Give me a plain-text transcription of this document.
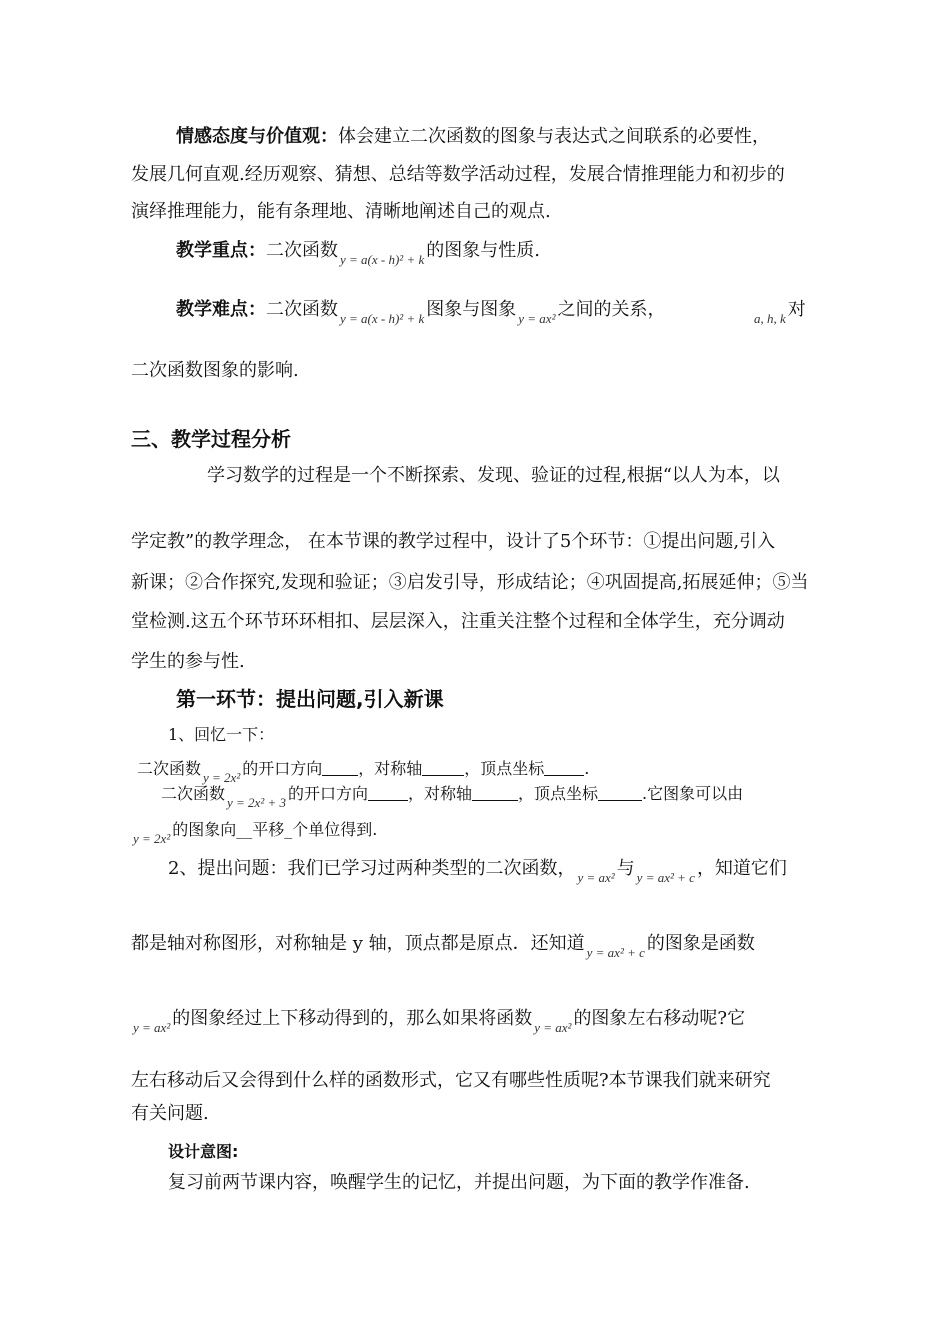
情感态度与价值观：体会建立二次函数的图象与表达式之间联系的必要性，
发展几何直观.经历观察、猜想、总结等数学活动过程，发展合情推理能力和初步的
演绎推理能力，能有条理地、清晰地阐述自己的观点.
教学重点：二次函数 y = a(x - h)² + k 的图象与性质.
教学难点：二次函数 y = a(x - h)² + k 图象与图象 y = ax² 之间的关系，	a, h, k 对
二次函数图象的影响.
三、教学过程分析
学习数学的过程是一个不断探索、发现、验证的过程,根据“以人为本，以
学定教”的教学理念， 在本节课的教学过程中，设计了5个环节：①提出问题,引入
新课；②合作探究,发现和验证；③启发引导，形成结论；④巩固提高,拓展延伸；⑤当
堂检测.这五个环节环环相扣、层层深入，注重关注整个过程和全体学生，充分调动
学生的参与性.
第一环节：提出问题,引入新课
1、回忆一下：
二次函数 y = 2x² 的开口方向 ，对称轴	，顶点坐标	.
二次函数 y = 2x² + 3 的开口方向	，对称轴	，顶点坐标	.它图象可以由
y = 2x² 的图象向__平移_个单位得到.
2、提出问题：我们已学习过两种类型的二次函数， y = ax² 与 y = ax² + c ，知道它们
都是轴对称图形，对称轴是 y 轴，顶点都是原点．还知道 y = ax² + c 的图象是函数
y = ax² 的图象经过上下移动得到的，那么如果将函数 y = ax² 的图象左右移动呢?它
左右移动后又会得到什么样的函数形式，它又有哪些性质呢?本节课我们就来研究
有关问题.
设计意图:
复习前两节课内容，唤醒学生的记忆，并提出问题，为下面的教学作准备.
